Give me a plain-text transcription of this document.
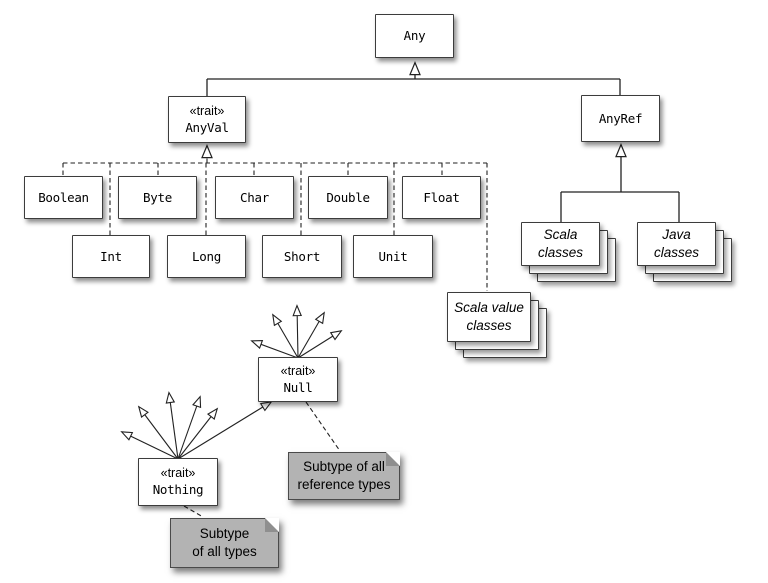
Any
«trait»
AnyVal
AnyRef
Boolean	Byte	Char	Double	Float
Int	Long	Short	Unit
Scala value
classes
Scala
classes
Java
classes
«trait»
Null
«trait»
Nothing
Subtype of all
reference types
Subtype
of all types
